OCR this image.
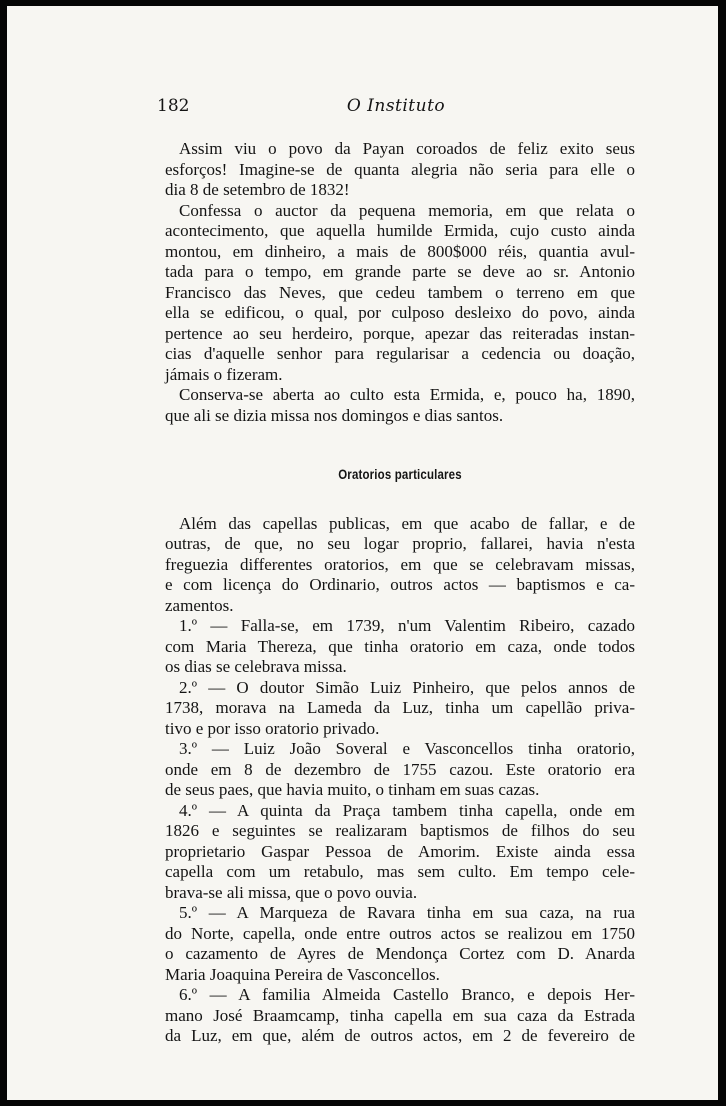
182	O Instituto
Assim viu o povo da Payan coroados de feliz exito seus
esforços! Imagine-se de quanta alegria não seria para elle o
dia 8 de setembro de 1832!
Confessa o auctor da pequena memoria, em que relata o
acontecimento, que aquella humilde Ermida, cujo custo ainda
montou, em dinheiro, a mais de 800$000 réis, quantia avul-
tada para o tempo, em grande parte se deve ao sr. Antonio
Francisco das Neves, que cedeu tambem o terreno em que
ella se edificou, o qual, por culposo desleixo do povo, ainda
pertence ao seu herdeiro, porque, apezar das reiteradas instan-
cias d'aquelle senhor para regularisar a cedencia ou doação,
jámais o fizeram.
Conserva-se aberta ao culto esta Ermida, e, pouco ha, 1890,
que ali se dizia missa nos domingos e dias santos.
Oratorios particulares
Além das capellas publicas, em que acabo de fallar, e de
outras, de que, no seu logar proprio, fallarei, havia n'esta
freguezia differentes oratorios, em que se celebravam missas,
e com licença do Ordinario, outros actos — baptismos e ca-
zamentos.
1.º — Falla-se, em 1739, n'um Valentim Ribeiro, cazado
com Maria Thereza, que tinha oratorio em caza, onde todos
os dias se celebrava missa.
2.º — O doutor Simão Luiz Pinheiro, que pelos annos de
1738, morava na Lameda da Luz, tinha um capellão priva-
tivo e por isso oratorio privado.
3.º — Luiz João Soveral e Vasconcellos tinha oratorio,
onde em 8 de dezembro de 1755 cazou. Este oratorio era
de seus paes, que havia muito, o tinham em suas cazas.
4.º — A quinta da Praça tambem tinha capella, onde em
1826 e seguintes se realizaram baptismos de filhos do seu
proprietario Gaspar Pessoa de Amorim. Existe ainda essa
capella com um retabulo, mas sem culto. Em tempo cele-
brava-se ali missa, que o povo ouvia.
5.º — A Marqueza de Ravara tinha em sua caza, na rua
do Norte, capella, onde entre outros actos se realizou em 1750
o cazamento de Ayres de Mendonça Cortez com D. Anarda
Maria Joaquina Pereira de Vasconcellos.
6.º — A familia Almeida Castello Branco, e depois Her-
mano José Braamcamp, tinha capella em sua caza da Estrada
da Luz, em que, além de outros actos, em 2 de fevereiro de
